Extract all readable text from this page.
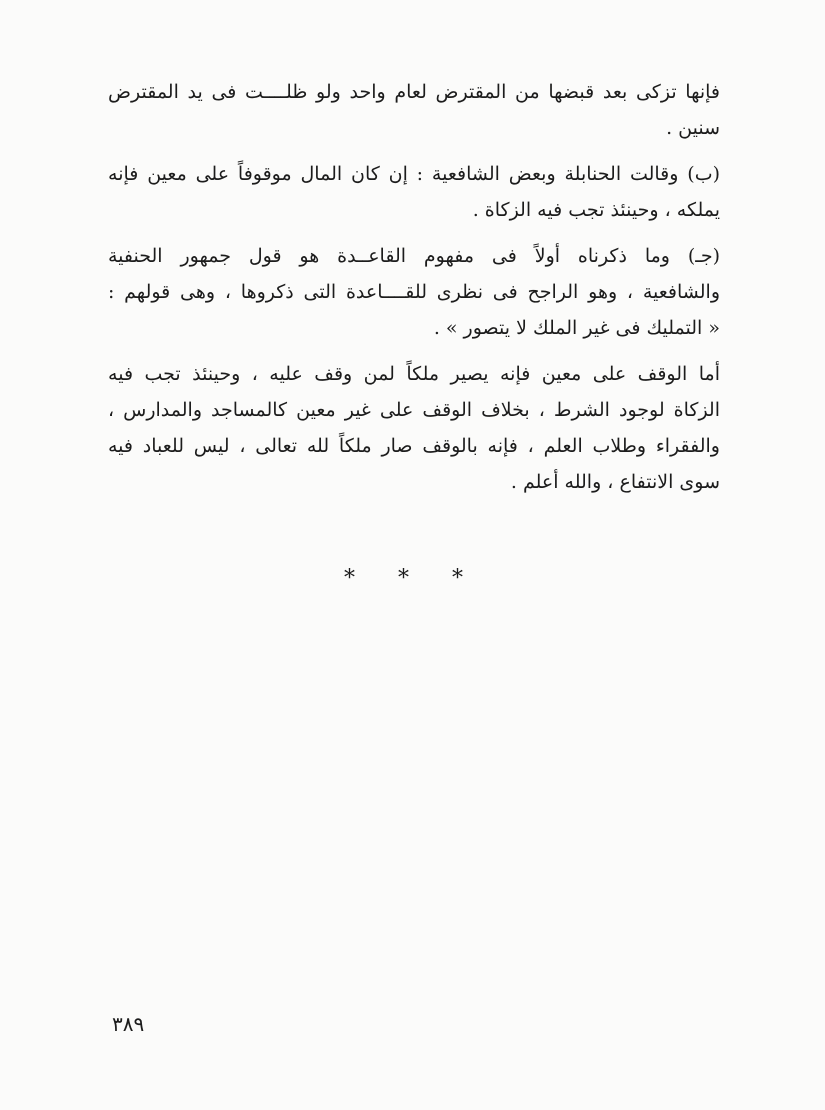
فإنها تزكى بعد قبضها من المقترض لعام واحد ولو ظلــــت فى يد المقترض
سنين .
(ب) وقالت الحنابلة وبعض الشافعية : إن كان المال موقوفاً على معين فإنه
يملكه ، وحينئذ تجب فيه الزكاة .
(جـ) وما ذكرناه أولاً فى مفهوم القاعــدة هو قول جمهور الحنفية
والشافعية ، وهو الراجح فى نظرى للقــــاعدة التى ذكروها ، وهى قولهم :
« التمليك فى غير الملك لا يتصور » .
أما الوقف على معين فإنه يصير ملكاً لمن وقف عليه ، وحينئذ تجب فيه
الزكاة لوجود الشرط ، بخلاف الوقف على غير معين كالمساجد والمدارس ،
والفقراء وطلاب العلم ، فإنه بالوقف صار ملكاً لله تعالى ، ليس للعباد فيه
سوى الانتفاع ، والله أعلم .
* * *
٣٨٩
